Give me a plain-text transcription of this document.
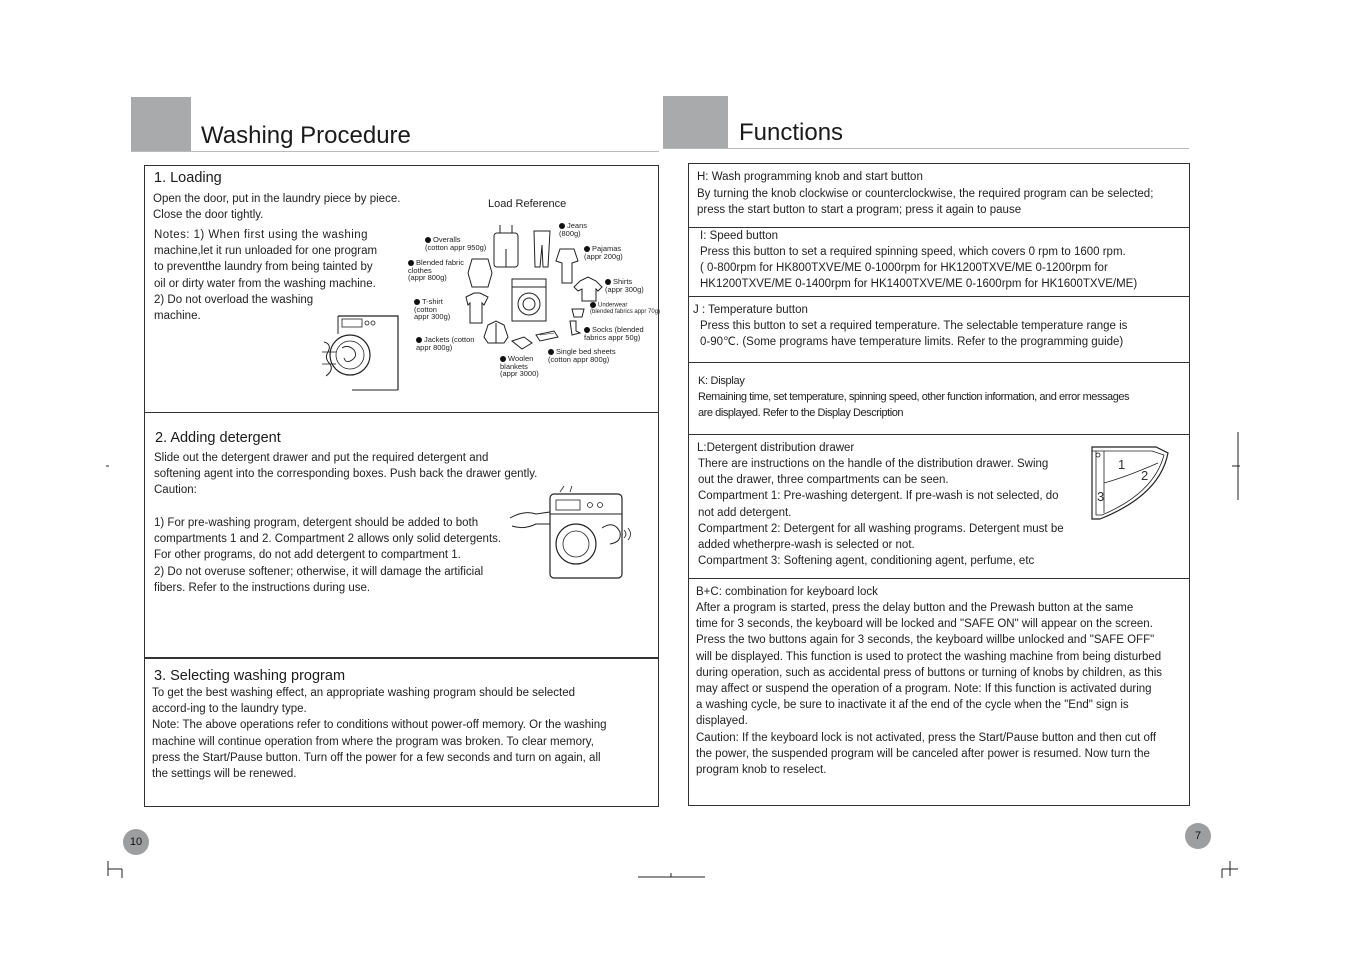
Washing Procedure
1. Loading
Open the door, put in the laundry piece by piece.
Close the door tightly.
Notes: 1) When first using the washing
machine,let it run unloaded for one program
to preventthe laundry from being tainted by
oil or dirty water from the washing machine.
2) Do not overload the washing
machine.
Load Reference
Jeans
(800g)
Overalls
(cotton appr 950g)	Pajamas
(appr 200g)
Blended fabric
clothes
(appr 800g)	Shirts
(appr 300g)
T-shirt
(cotton
appr 300g)
Underwear
(blended fabrics appr 70g)
Socks (blended
fabrics appr 50g)
Jackets (cotton
appr 800g)	Single bed sheets
(cotton appr 800g)
Woolen
blankets
(appr 3000)
2. Adding detergent
Slide out the detergent drawer and put the required detergent and
softening agent into the corresponding boxes. Push back the drawer gently.
Caution:
1) For pre-washing program, detergent should be added to both
compartments 1 and 2. Compartment 2 allows only solid detergents.
For other programs, do not add detergent to compartment 1.
2) Do not overuse softener; otherwise, it will damage the artificial
fibers. Refer to the instructions during use.
3. Selecting washing program
To get the best washing effect, an appropriate washing program should be selected
accord-ing to the laundry type.
Note: The above operations refer to conditions without power-off memory. Or the washing
machine will continue operation from where the program was broken. To clear memory,
press the Start/Pause button. Turn off the power for a few seconds and turn on again, all
the settings will be renewed.
10
Functions
H: Wash programming knob and start button
By turning the knob clockwise or counterclockwise, the required program can be selected;
press the start button to start a program; press it again to pause
I: Speed button
Press this button to set a required spinning speed, which covers 0 rpm to 1600 rpm.
( 0-800rpm for HK800TXVE/ME 0-1000rpm for HK1200TXVE/ME 0-1200rpm for
HK1200TXVE/ME 0-1400rpm for HK1400TXVE/ME 0-1600rpm for HK1600TXVE/ME)
J : Temperature button
Press this button to set a required temperature. The selectable temperature range is
0-90℃. (Some programs have temperature limits. Refer to the programming guide)
K: Display
Remaining time, set temperature, spinning speed, other function information, and error messages
are displayed. Refer to the Display Description
L:Detergent distribution drawer
There are instructions on the handle of the distribution drawer. Swing
out the drawer, three compartments can be seen.
Compartment 1: Pre-washing detergent. If pre-wash is not selected, do
not add detergent.
Compartment 2: Detergent for all washing programs. Detergent must be
added whetherpre-wash is selected or not.
Compartment 3: Softening agent, conditioning agent, perfume, etc
1
2
3
B+C: combination for keyboard lock
After a program is started, press the delay button and the Prewash button at the same
time for 3 seconds, the keyboard will be locked and "SAFE ON" will appear on the screen.
Press the two buttons again for 3 seconds, the keyboard willbe unlocked and "SAFE OFF"
will be displayed. This function is used to protect the washing machine from being disturbed
during operation, such as accidental press of buttons or turning of knobs by children, as this
may affect or suspend the operation of a program. Note: If this function is activated during
a washing cycle, be sure to inactivate it af the end of the cycle when the "End" sign is
displayed.
Caution: If the keyboard lock is not activated, press the Start/Pause button and then cut off
the power, the suspended program will be canceled after power is resumed. Now turn the
program knob to reselect.
7
